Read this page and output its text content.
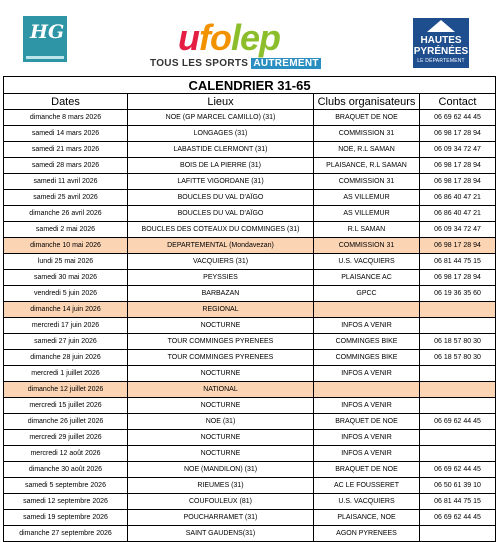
HG	ufolep
TOUS LES SPORTS AUTREMENT
HAUTES
PYRÉNÉES
LE DÉPARTEMENT
CALENDRIER 31-65			
Dates	Lieux	Clubs organisateurs	Contact
dimanche 8 mars 2026	NOE (GP MARCEL CAMILLO) (31)	BRAQUET DE NOE	06 69 62 44 45
samedi 14 mars 2026	LONGAGES (31)	COMMISSION 31	06 98 17 28 94
samedi 21 mars 2026	LABASTIDE CLERMONT (31)	NOE, R.L SAMAN	06 09 34 72 47
samedi 28 mars 2026	BOIS DE LA PIERRE (31)	PLAISANCE, R.L SAMAN	06 98 17 28 94
samedi 11 avril 2026	LAFITTE VIGORDANE (31)	COMMISSION 31	06 98 17 28 94
samedi 25 avril 2026	BOUCLES DU VAL D'AÏGO	AS VILLEMUR	06 86 40 47 21
dimanche 26 avril 2026	BOUCLES DU VAL D'AÏGO	AS VILLEMUR	06 86 40 47 21
samedi 2 mai 2026	BOUCLES DES COTEAUX DU COMMINGES (31)	R.L SAMAN	06 09 34 72 47
dimanche 10 mai 2026	DEPARTEMENTAL (Mondavezan)	COMMISSION 31	06 98 17 28 94
lundi 25 mai 2026	VACQUIERS (31)	U.S. VACQUIERS	06 81 44 75 15
samedi 30 mai 2026	PEYSSIES	PLAISANCE AC	06 98 17 28 94
vendredi 5 juin 2026	BARBAZAN	GPCC	06 19 36 35 60
dimanche 14 juin 2026	REGIONAL		
mercredi 17 juin 2026	NOCTURNE	INFOS A VENIR	
samedi 27 juin 2026	TOUR COMMINGES PYRENEES	COMMINGES BIKE	06 18 57 80 30
dimanche 28 juin 2026	TOUR COMMINGES PYRENEES	COMMINGES BIKE	06 18 57 80 30
mercredi 1 juillet 2026	NOCTURNE	INFOS A VENIR	
dimanche 12 juillet 2026	NATIONAL		
mercredi 15 juillet 2026	NOCTURNE	INFOS A VENIR	
dimanche 26 juillet 2026	NOE (31)	BRAQUET DE NOE	06 69 62 44 45
mercredi 29 juillet 2026	NOCTURNE	INFOS A VENIR	
mercredi 12 août 2026	NOCTURNE	INFOS A VENIR	
dimanche 30 août 2026	NOE (MANDILON) (31)	BRAQUET DE NOE	06 69 62 44 45
samedi 5 septembre 2026	RIEUMES (31)	AC LE FOUSSERET	06 50 61 39 10
samedi 12 septembre 2026	COUFOULEUX (81)	U.S. VACQUIERS	06 81 44 75 15
samedi 19 septembre 2026	POUCHARRAMET (31)	PLAISANCE, NOE	06 69 62 44 45
dimanche 27 septembre 2026	SAINT GAUDENS(31)	AGON PYRENEES	
